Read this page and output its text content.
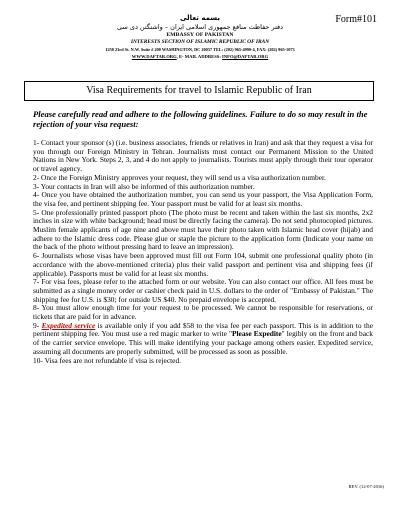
Form#101
بسمه تعالی
دفتر حفاظت منافع جمهوری اسلامی ایران – واشنگتن دی سی
EMBASSY OF PAKISTAN
INTERESTS SECTION OF ISLAMIC REPUBLIC OF IRAN
1250 23rd St. N.W. Suite # 200 WASHINGTON, DC 20037 TEL: (202) 965-4990-4, FAX: (202) 965-1073
WWW.DAFTAR.ORG, E- MAIL ADDRESS: INFO@DAFTAR.ORG
Visa Requirements for travel to Islamic Republic of Iran
Please carefully read and adhere to the following guidelines. Failure to do so may result in the rejection of your visa request:

1- Contact your sponsor (s) (i.e. business associates, friends or relatives in Iran) and ask that they request a visa for you through our Foreign Ministry in Tehran. Journalists must contact our Permanent Mission to the United Nations in New York. Steps 2, 3, and 4 do not apply to journalists. Tourists must apply through their tour operator or travel agency.

2- Once the Foreign Ministry approves your request, they will send us a visa authorization number.

3- Your contacts in Iran will also be informed of this authorization number.

4- Once you have obtained the authorization number, you can send us your passport, the Visa Application Form, the visa fee, and pertinent shipping fee. Your passport must be valid for at least six months.

5- One professionally printed passport photo (The photo must be recent and taken within the last six months, 2x2 inches in size with white background; head must be directly facing the camera). Do not send photocopied pictures. Muslim female applicants of age nine and above must have their photo taken with Islamic head cover (hijab) and adhere to the Islamic dress code. Please glue or staple the picture to the application form (Indicate your name on the back of the photo without pressing hard to leave an impression).

6- Journalists whose visas have been approved must fill out Form 104, submit one professional quality photo (in accordance with the above-mentioned criteria) plus their valid passport and pertinent visa and shipping fees (if applicable). Passports must be valid for at least six months.

7- For visa fees, please refer to the attached form or our website. You can also contact our office. All fees must be submitted as a single money order or cashier check paid in U.S. dollars to the order of "Embassy of Pakistan." The shipping fee for U.S. is $30; for outside US $40. No prepaid envelope is accepted.

8- You must allow enough time for your request to be processed. We cannot be responsible for reservations, or tickets that are paid for in advance.

9- Expedited service is available only if you add $58 to the visa fee per each passport. This is in addition to the pertinent shipping fee. You must use a red magic marker to write "Please Expedite" legibly on the front and back of the carrier service envelope. This will make identifying your package among others easier. Expedited service, assuming all documents are properly submitted, will be processed as soon as possible.

10- Visa fees are not refundable if visa is rejected.

REV. (12-07-2016)
